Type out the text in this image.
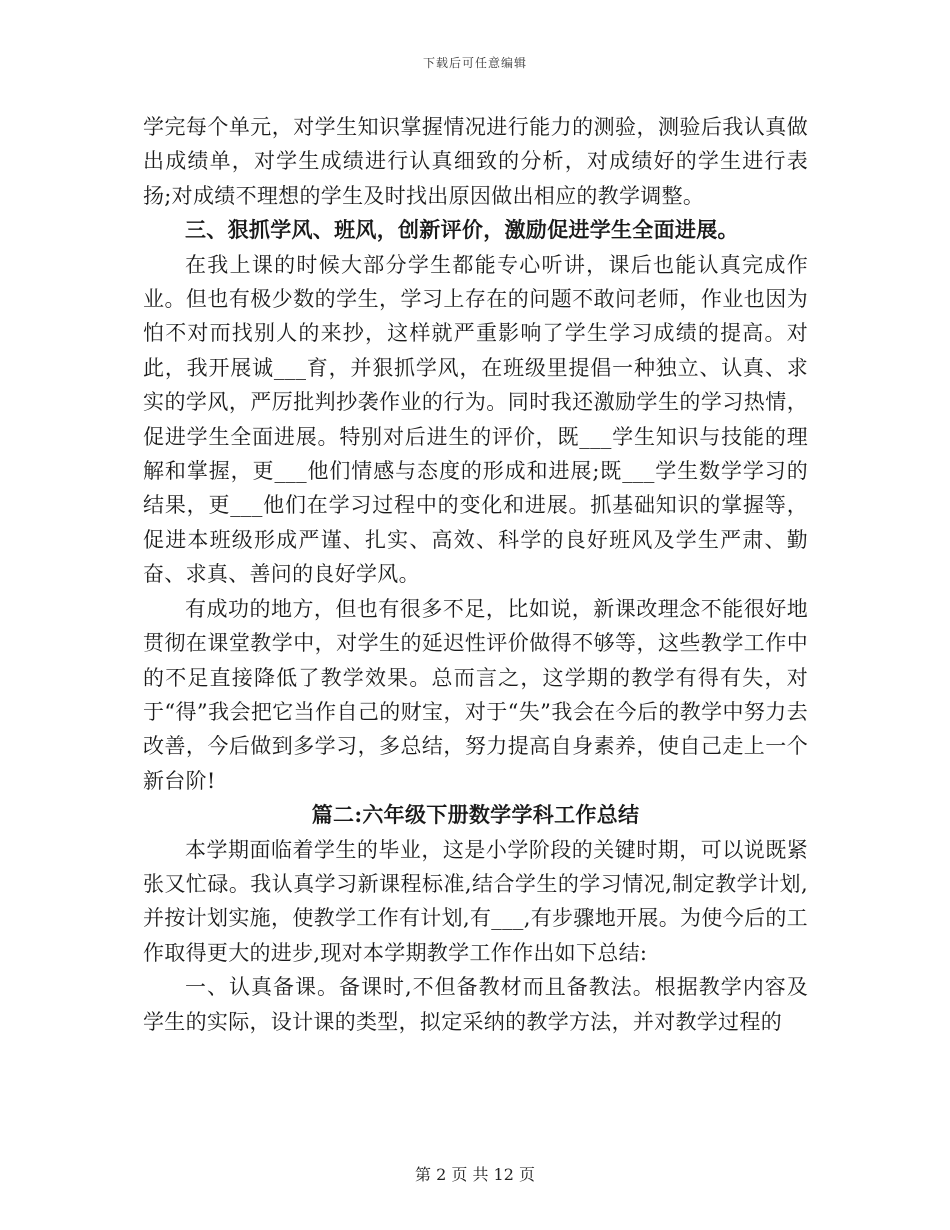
下载后可任意编辑

学完每个单元，对学生知识掌握情况进行能力的测验，测验后我认真做出成绩单，对学生成绩进行认真细致的分析，对成绩好的学生进行表扬;对成绩不理想的学生及时找出原因做出相应的教学调整。

三、狠抓学风、班风，创新评价，激励促进学生全面进展。

在我上课的时候大部分学生都能专心听讲，课后也能认真完成作业。但也有极少数的学生，学习上存在的问题不敢问老师，作业也因为怕不对而找别人的来抄，这样就严重影响了学生学习成绩的提高。对此，我开展诚___育，并狠抓学风，在班级里提倡一种独立、认真、求实的学风，严厉批判抄袭作业的行为。同时我还激励学生的学习热情，促进学生全面进展。特别对后进生的评价，既___学生知识与技能的理解和掌握，更___他们情感与态度的形成和进展;既___学生数学学习的结果，更___他们在学习过程中的变化和进展。抓基础知识的掌握等，促进本班级形成严谨、扎实、高效、科学的良好班风及学生严肃、勤奋、求真、善问的良好学风。

有成功的地方，但也有很多不足，比如说，新课改理念不能很好地贯彻在课堂教学中，对学生的延迟性评价做得不够等，这些教学工作中的不足直接降低了教学效果。总而言之，这学期的教学有得有失，对于“得”我会把它当作自己的财宝，对于“失”我会在今后的教学中努力去改善，今后做到多学习，多总结，努力提高自身素养，使自己走上一个新台阶!

篇二:六年级下册数学学科工作总结

本学期面临着学生的毕业，这是小学阶段的关键时期，可以说既紧张又忙碌。我认真学习新课程标准,结合学生的学习情况,制定教学计划,并按计划实施，使教学工作有计划,有___,有步骤地开展。为使今后的工作取得更大的进步,现对本学期教学工作作出如下总结:

一、认真备课。备课时,不但备教材而且备教法。根据教学内容及学生的实际，设计课的类型，拟定采纳的教学方法，并对教学过程的

第 2 页 共 12 页
